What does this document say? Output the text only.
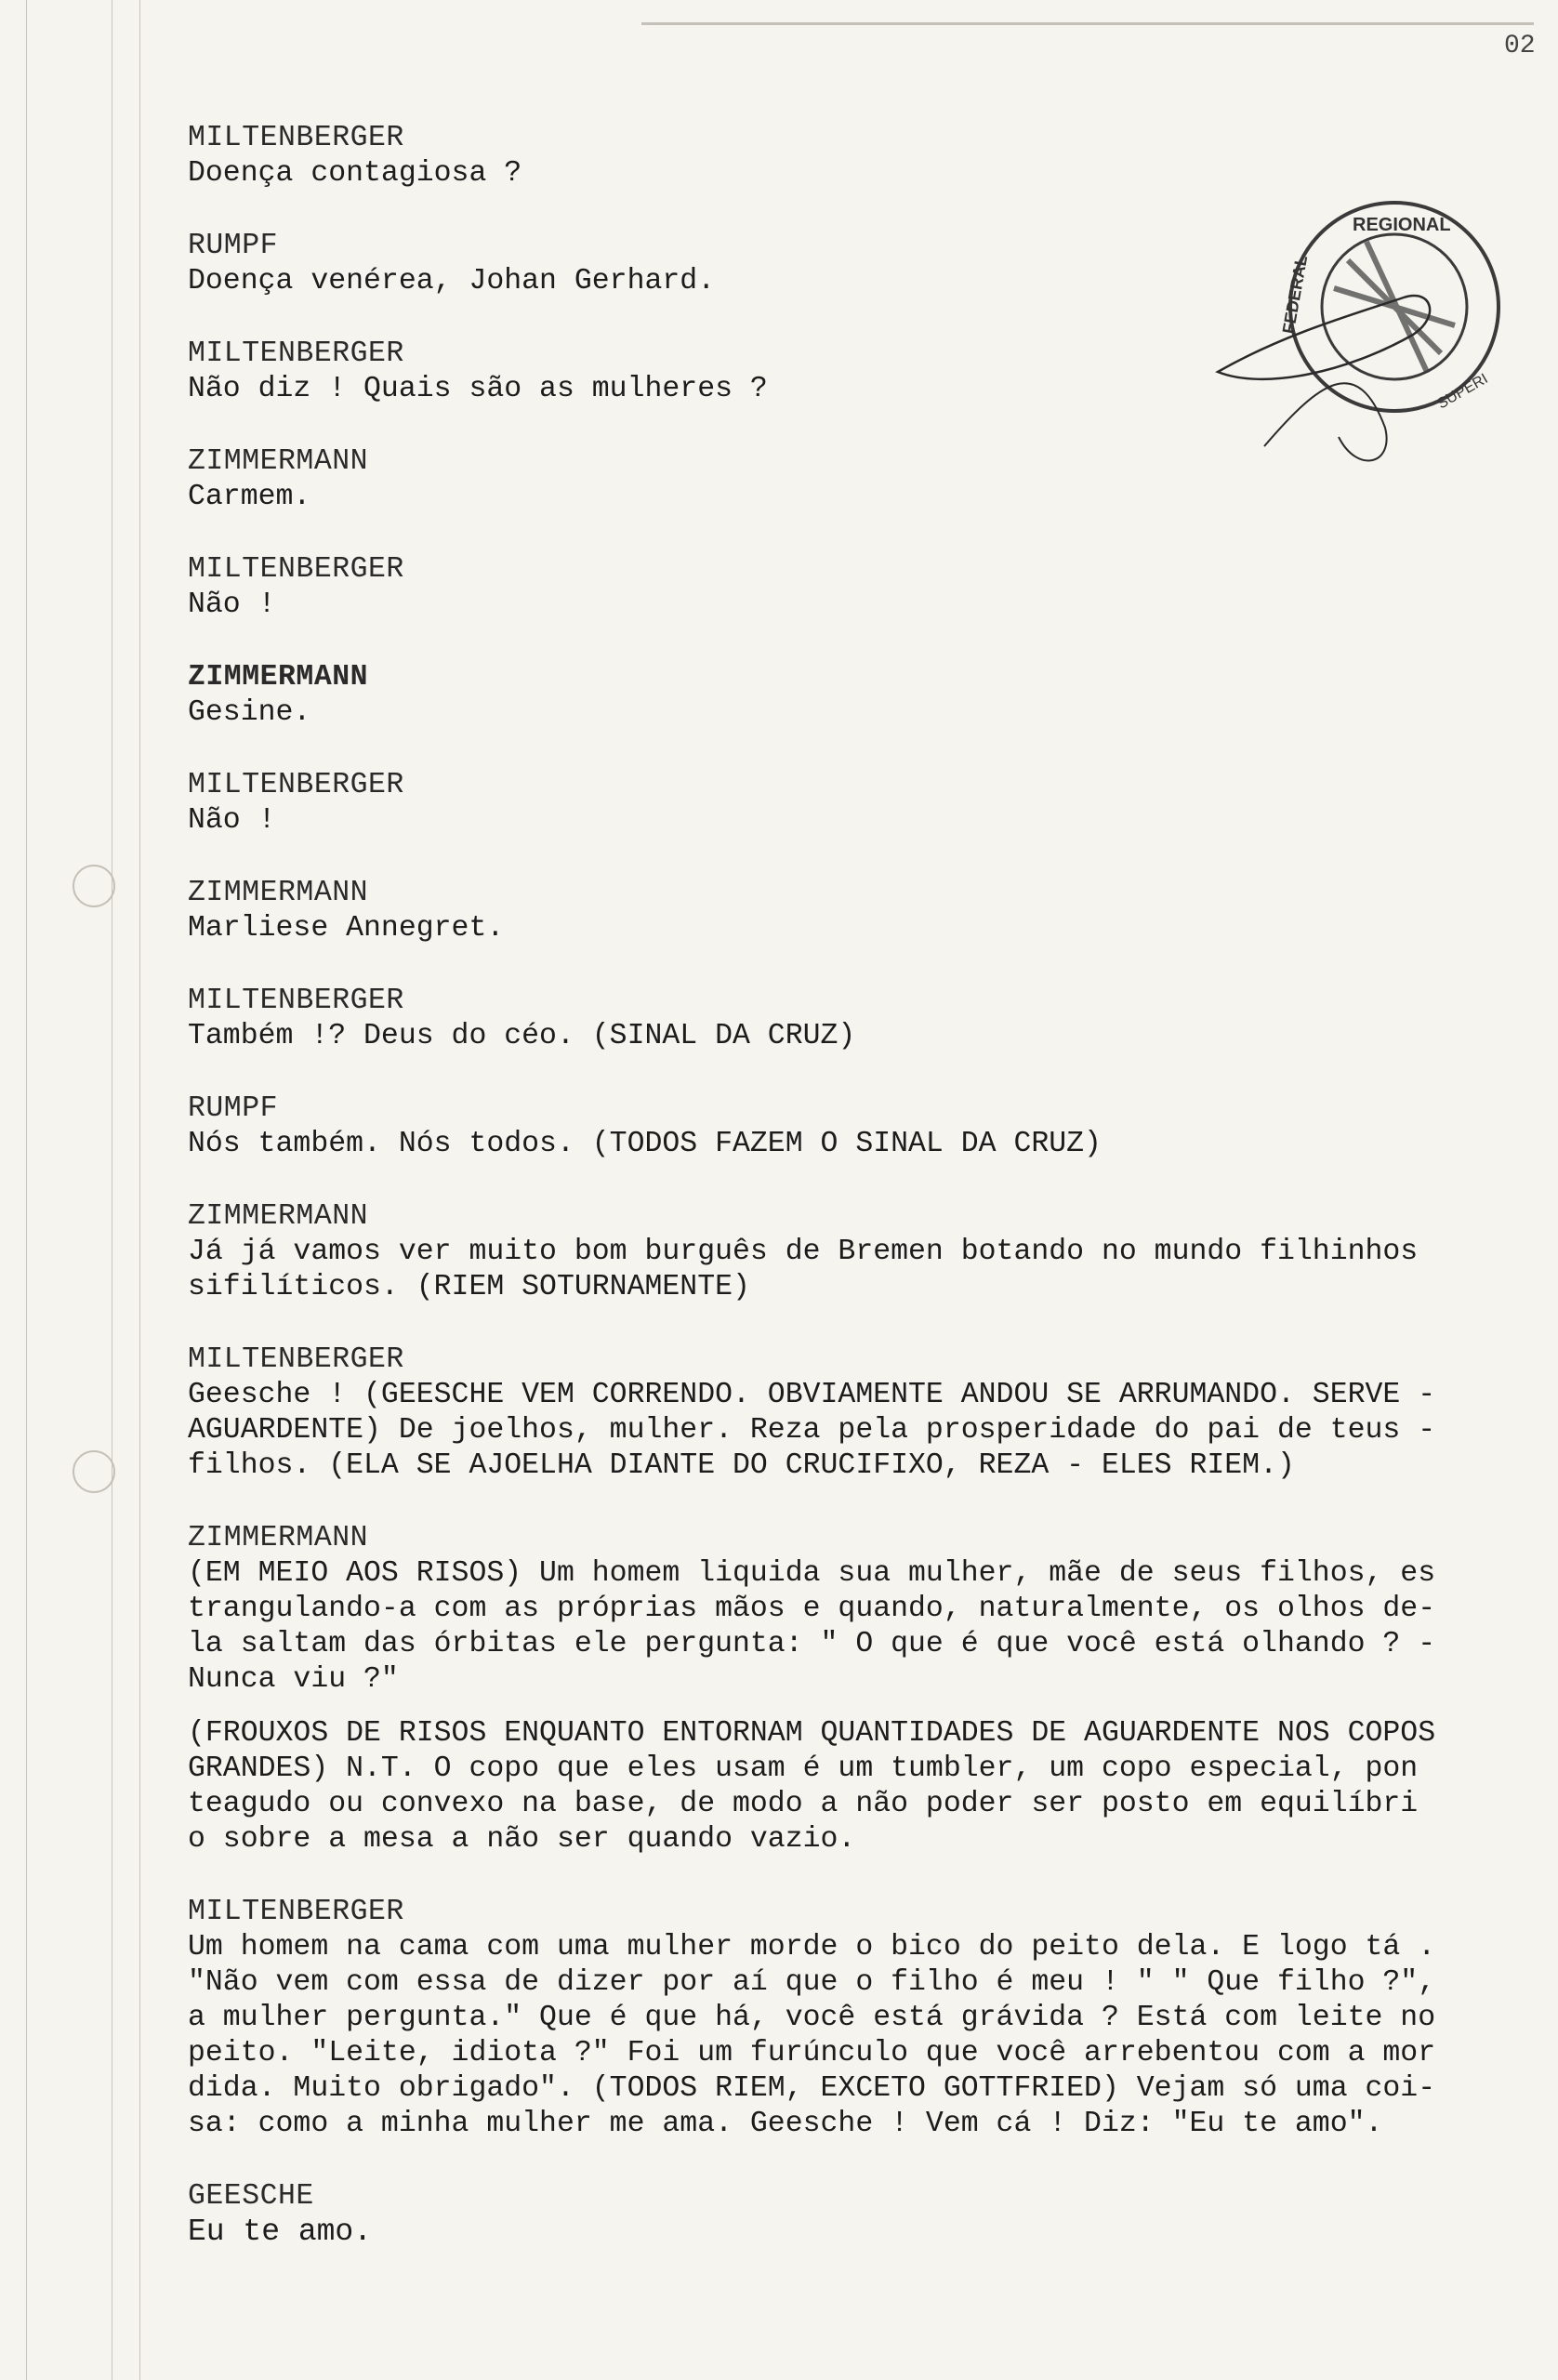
02
REGIONAL
FEDERAL
SUPERI
MILTENBERGER
Doença contagiosa ?
RUMPF
Doença venérea, Johan Gerhard.
MILTENBERGER
Não diz ! Quais são as mulheres ?
ZIMMERMANN
Carmem.
MILTENBERGER
Não !
ZIMMERMANN
Gesine.
MILTENBERGER
Não !
ZIMMERMANN
Marliese Annegret.
MILTENBERGER
Também !? Deus do céo. (SINAL DA CRUZ)
RUMPF
Nós também. Nós todos. (TODOS FAZEM O SINAL DA CRUZ)
ZIMMERMANN
Já já vamos ver muito bom burguês de Bremen botando no mundo filhinhos
sifilíticos. (RIEM SOTURNAMENTE)
MILTENBERGER
Geesche ! (GEESCHE VEM CORRENDO. OBVIAMENTE ANDOU SE ARRUMANDO. SERVE -
AGUARDENTE) De joelhos, mulher. Reza pela prosperidade do pai de teus -
filhos. (ELA SE AJOELHA DIANTE DO CRUCIFIXO, REZA - ELES RIEM.)
ZIMMERMANN
(EM MEIO AOS RISOS) Um homem liquida sua mulher, mãe de seus filhos, es
trangulando-a com as próprias mãos e quando, naturalmente, os olhos de-
la saltam das órbitas ele pergunta: " O que é que você está olhando ? -
Nunca viu ?"
(FROUXOS DE RISOS ENQUANTO ENTORNAM QUANTIDADES DE AGUARDENTE NOS COPOS
GRANDES) N.T. O copo que eles usam é um tumbler, um copo especial, pon
teagudo ou convexo na base, de modo a não poder ser posto em equilíbri
o sobre a mesa a não ser quando vazio.
MILTENBERGER
Um homem na cama com uma mulher morde o bico do peito dela. E logo tá .
"Não vem com essa de dizer por aí que o filho é meu ! " " Que filho ?",
a mulher pergunta." Que é que há, você está grávida ? Está com leite no
peito. "Leite, idiota ?" Foi um furúnculo que você arrebentou com a mor
dida. Muito obrigado". (TODOS RIEM, EXCETO GOTTFRIED) Vejam só uma coi-
sa: como a minha mulher me ama. Geesche ! Vem cá ! Diz: "Eu te amo".
GEESCHE
Eu te amo.
